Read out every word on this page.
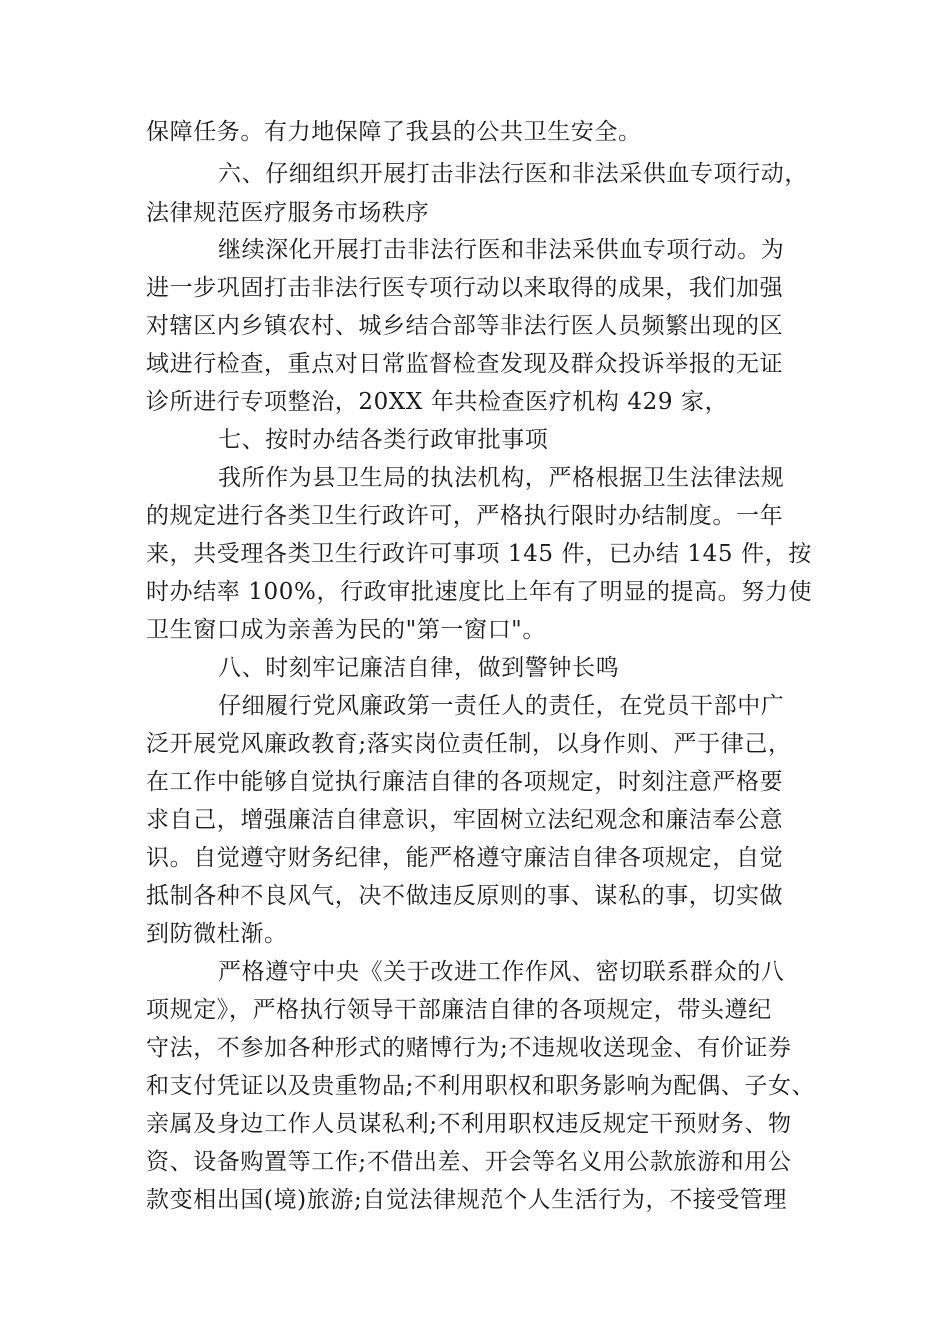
保障任务。有力地保障了我县的公共卫生安全。
六、仔细组织开展打击非法行医和非法采供血专项行动，
法律规范医疗服务市场秩序
继续深化开展打击非法行医和非法采供血专项行动。为
进一步巩固打击非法行医专项行动以来取得的成果，我们加强
对辖区内乡镇农村、城乡结合部等非法行医人员频繁出现的区
域进行检查，重点对日常监督检查发现及群众投诉举报的无证
诊所进行专项整治，20XX 年共检查医疗机构 429 家，
七、按时办结各类行政审批事项
我所作为县卫生局的执法机构，严格根据卫生法律法规
的规定进行各类卫生行政许可，严格执行限时办结制度。一年
来，共受理各类卫生行政许可事项 145 件，已办结 145 件，按
时办结率 100%，行政审批速度比上年有了明显的提高。努力使
卫生窗口成为亲善为民的"第一窗口"。
八、时刻牢记廉洁自律，做到警钟长鸣
仔细履行党风廉政第一责任人的责任，在党员干部中广
泛开展党风廉政教育;落实岗位责任制，以身作则、严于律己，
在工作中能够自觉执行廉洁自律的各项规定，时刻注意严格要
求自己，增强廉洁自律意识，牢固树立法纪观念和廉洁奉公意
识。自觉遵守财务纪律，能严格遵守廉洁自律各项规定，自觉
抵制各种不良风气，决不做违反原则的事、谋私的事，切实做
到防微杜渐。
严格遵守中央《关于改进工作作风、密切联系群众的八
项规定》，严格执行领导干部廉洁自律的各项规定，带头遵纪
守法，不参加各种形式的赌博行为;不违规收送现金、有价证券
和支付凭证以及贵重物品;不利用职权和职务影响为配偶、子女、
亲属及身边工作人员谋私利;不利用职权违反规定干预财务、物
资、设备购置等工作;不借出差、开会等名义用公款旅游和用公
款变相出国(境)旅游;自觉法律规范个人生活行为，不接受管理
